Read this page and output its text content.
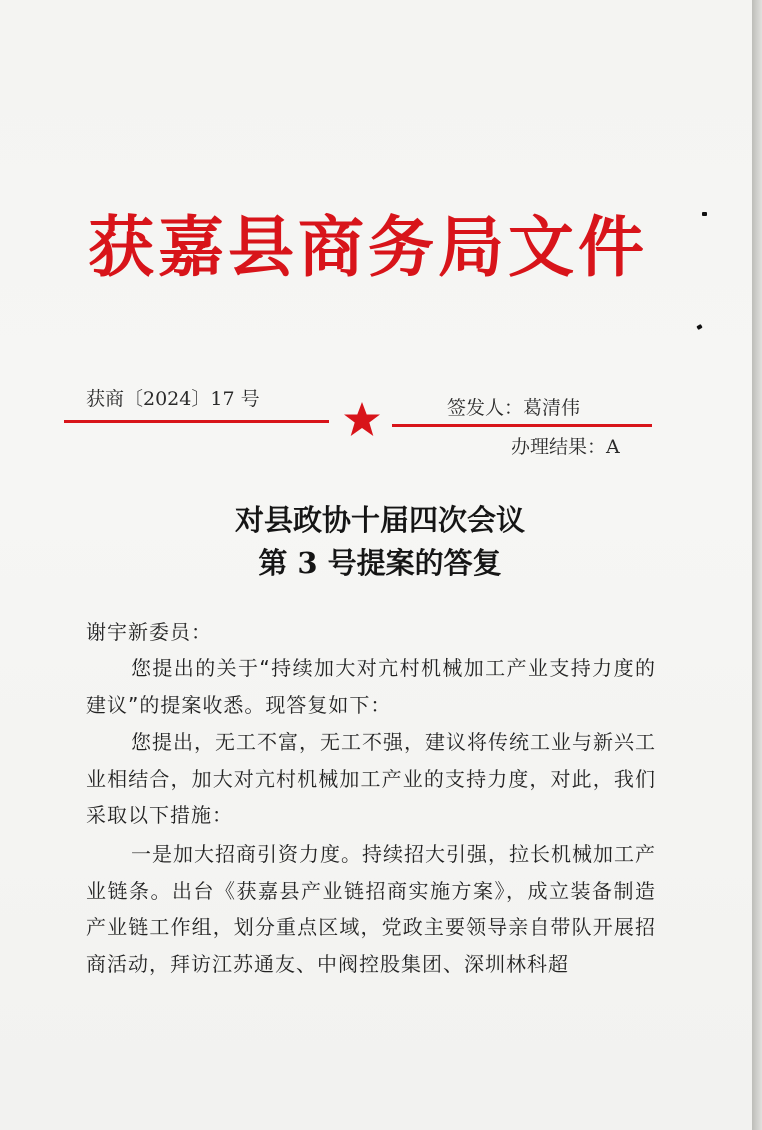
获嘉县商务局文件
获商〔2024〕17 号	签发人：葛清伟
办理结果：A
对县政协十届四次会议
第 3 号提案的答复
谢宇新委员：
您提出的关于“持续加大对亢村机械加工产业支持力度的建议”的提案收悉。现答复如下：
您提出，无工不富，无工不强，建议将传统工业与新兴工业相结合，加大对亢村机械加工产业的支持力度，对此，我们采取以下措施：
一是加大招商引资力度。持续招大引强，拉长机械加工产业链条。出台《获嘉县产业链招商实施方案》，成立装备制造产业链工作组，划分重点区域，党政主要领导亲自带队开展招商活动，拜访江苏通友、中阀控股集团、深圳林科超
